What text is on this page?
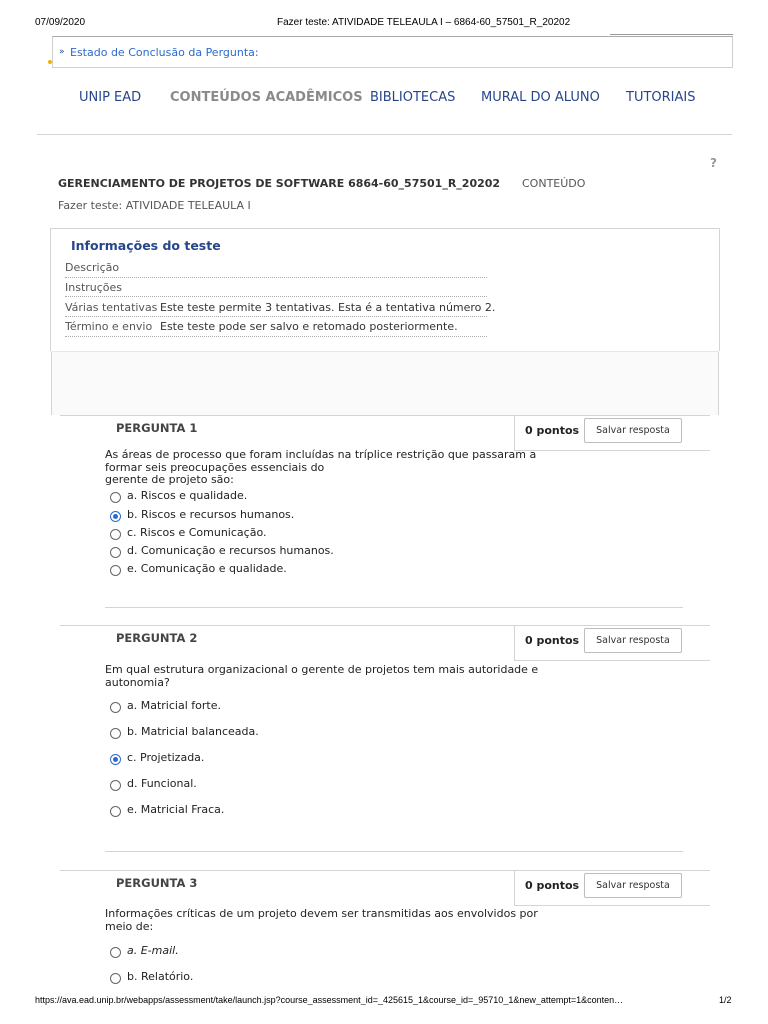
07/09/2020	Fazer teste: ATIVIDADE TELEAULA I – 6864-60_57501_R_20202
» Estado de Conclusão da Pergunta:
UNIP EAD CONTEÚDOS ACADÊMICOS BIBLIOTECAS MURAL DO ALUNO TUTORIAIS
?
GERENCIAMENTO DE PROJETOS DE SOFTWARE 6864-60_57501_R_20202 CONTEÚDO
Fazer teste: ATIVIDADE TELEAULA I
Informações do teste
Descrição
Instruções
Várias tentativas Este teste permite 3 tentativas. Esta é a tentativa número 2.
Término e envio Este teste pode ser salvo e retomado posteriormente.
PERGUNTA 1	0 pontos	Salvar resposta
As áreas de processo que foram incluídas na tríplice restrição que passaram a
formar seis preocupações essenciais do
gerente de projeto são:
a. Riscos e qualidade.
b. Riscos e recursos humanos.
c. Riscos e Comunicação.
d. Comunicação e recursos humanos.
e. Comunicação e qualidade.
PERGUNTA 2	0 pontos	Salvar resposta
Em qual estrutura organizacional o gerente de projetos tem mais autoridade e
autonomia?
a. Matricial forte.
b. Matricial balanceada.
c. Projetizada.
d. Funcional.
e. Matricial Fraca.
PERGUNTA 3	0 pontos	Salvar resposta
Informações críticas de um projeto devem ser transmitidas aos envolvidos por
meio de:
a. E-mail.
b. Relatório.
https://ava.ead.unip.br/webapps/assessment/take/launch.jsp?course_assessment_id=_425615_1&course_id=_95710_1&new_attempt=1&conten…	1/2
